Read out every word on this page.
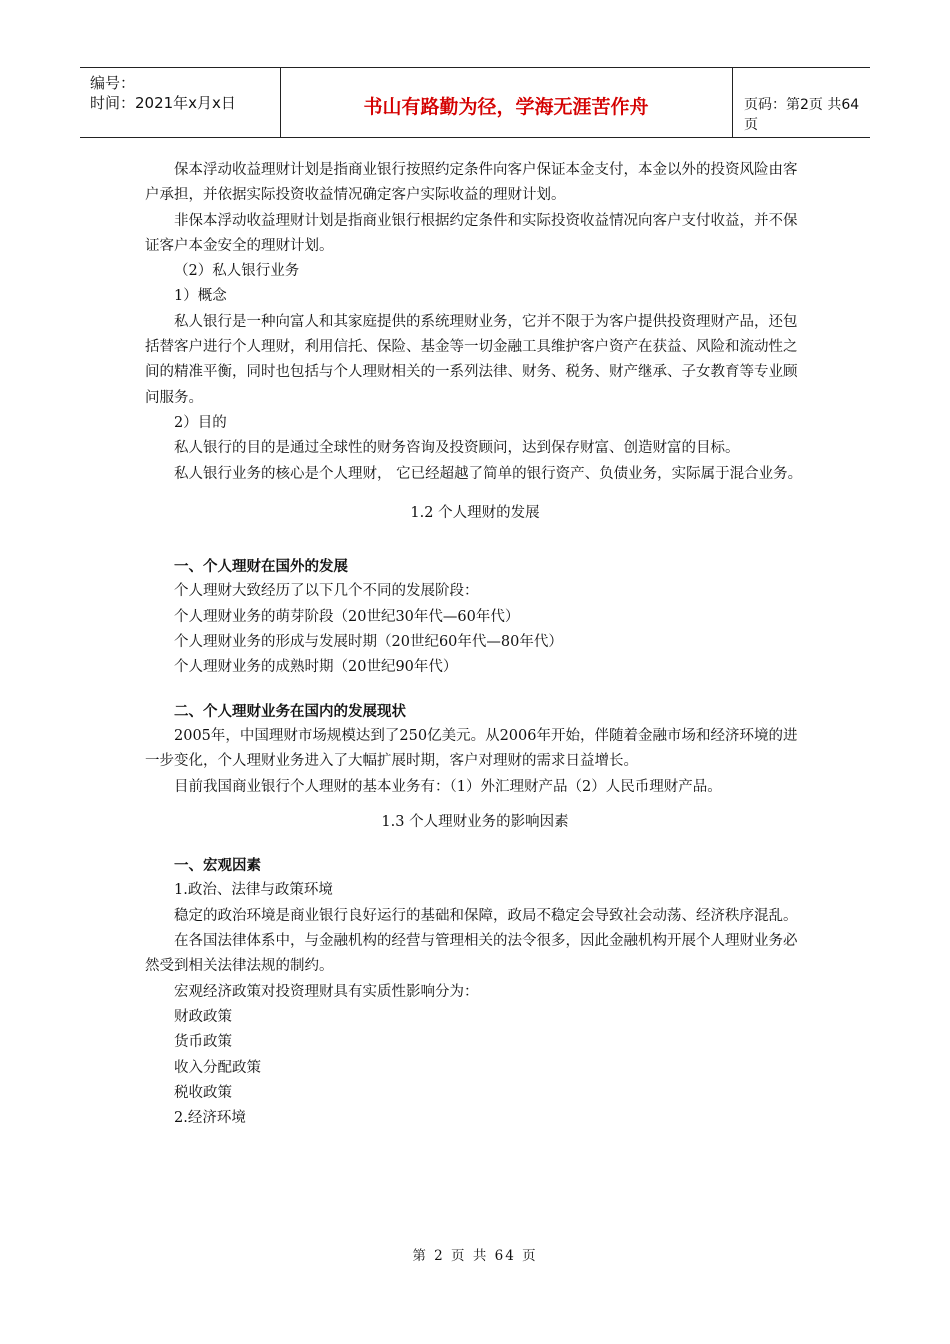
编号：
时间：2021年x月x日	书山有路勤为径，学海无涯苦作舟	页码：第2页 共64页

保本浮动收益理财计划是指商业银行按照约定条件向客户保证本金支付，本金以外的投资风险由客户承担，并依据实际投资收益情况确定客户实际收益的理财计划。

非保本浮动收益理财计划是指商业银行根据约定条件和实际投资收益情况向客户支付收益，并不保证客户本金安全的理财计划。

（2）私人银行业务

1）概念

私人银行是一种向富人和其家庭提供的系统理财业务，它并不限于为客户提供投资理财产品，还包括替客户进行个人理财，利用信托、保险、基金等一切金融工具维护客户资产在获益、风险和流动性之间的精准平衡，同时也包括与个人理财相关的一系列法律、财务、税务、财产继承、子女教育等专业顾问服务。

2）目的

私人银行的目的是通过全球性的财务咨询及投资顾问，达到保存财富、创造财富的目标。

私人银行业务的核心是个人理财， 它已经超越了简单的银行资产、负债业务，实际属于混合业务。

1.2 个人理财的发展

一、个人理财在国外的发展

个人理财大致经历了以下几个不同的发展阶段：

个人理财业务的萌芽阶段（20世纪30年代—60年代）

个人理财业务的形成与发展时期（20世纪60年代—80年代）

个人理财业务的成熟时期（20世纪90年代）

二、个人理财业务在国内的发展现状

2005年，中国理财市场规模达到了250亿美元。从2006年开始，伴随着金融市场和经济环境的进一步变化，个人理财业务进入了大幅扩展时期，客户对理财的需求日益增长。

目前我国商业银行个人理财的基本业务有：（1）外汇理财产品（2）人民币理财产品。

1.3 个人理财业务的影响因素

一、宏观因素

1.政治、法律与政策环境

稳定的政治环境是商业银行良好运行的基础和保障，政局不稳定会导致社会动荡、经济秩序混乱。

在各国法律体系中，与金融机构的经营与管理相关的法令很多，因此金融机构开展个人理财业务必然受到相关法律法规的制约。

宏观经济政策对投资理财具有实质性影响分为：

财政政策

货币政策

收入分配政策

税收政策

2.经济环境

第 2 页 共 64 页
